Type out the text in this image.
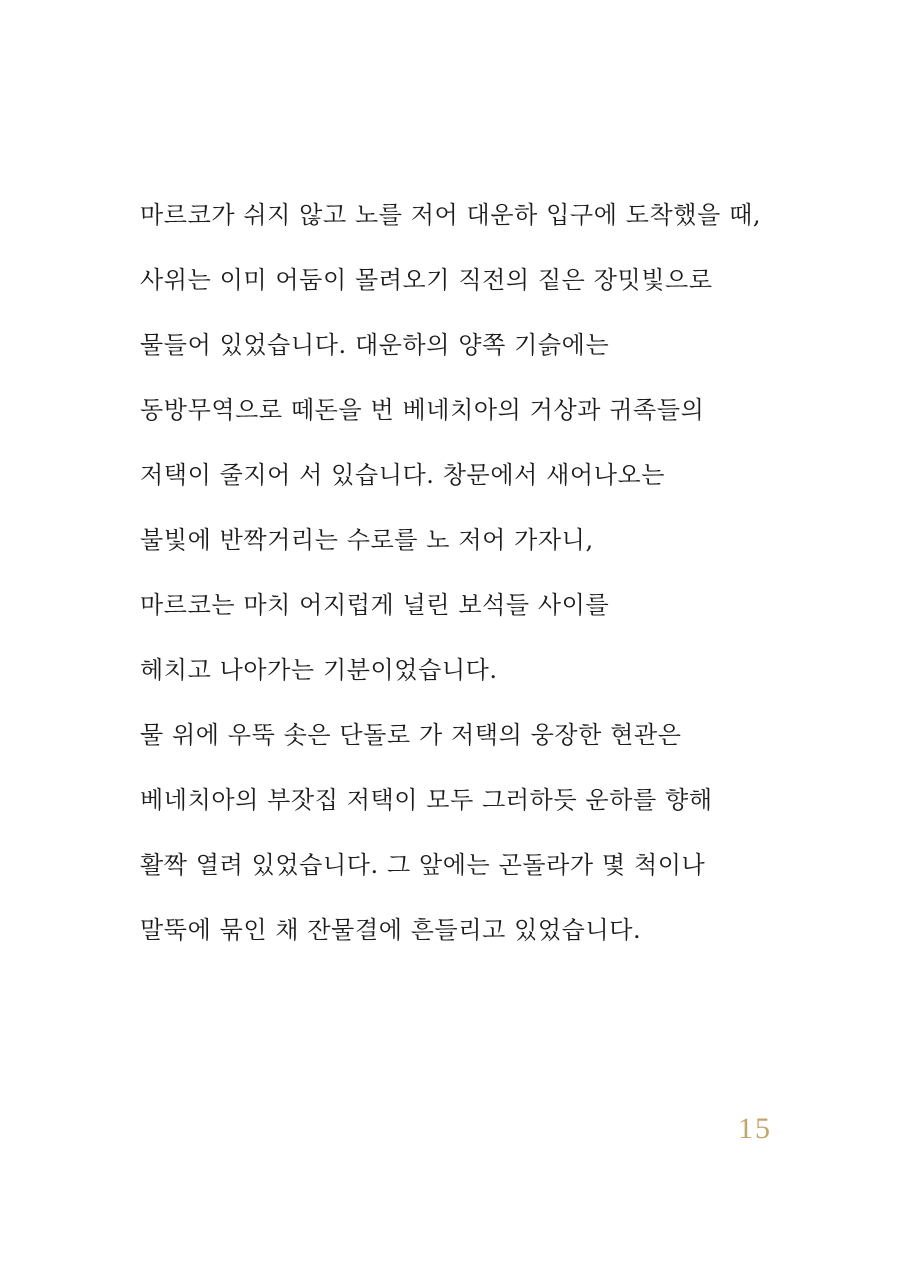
마르코가 쉬지 않고 노를 저어 대운하 입구에 도착했을 때,
사위는 이미 어둠이 몰려오기 직전의 짙은 장밋빛으로
물들어 있었습니다. 대운하의 양쪽 기슭에는
동방무역으로 떼돈을 번 베네치아의 거상과 귀족들의
저택이 줄지어 서 있습니다. 창문에서 새어나오는
불빛에 반짝거리는 수로를 노 저어 가자니,
마르코는 마치 어지럽게 널린 보석들 사이를
헤치고 나아가는 기분이었습니다.
물 위에 우뚝 솟은 단돌로 가 저택의 웅장한 현관은
베네치아의 부잣집 저택이 모두 그러하듯 운하를 향해
활짝 열려 있었습니다. 그 앞에는 곤돌라가 몇 척이나
말뚝에 묶인 채 잔물결에 흔들리고 있었습니다.
15
